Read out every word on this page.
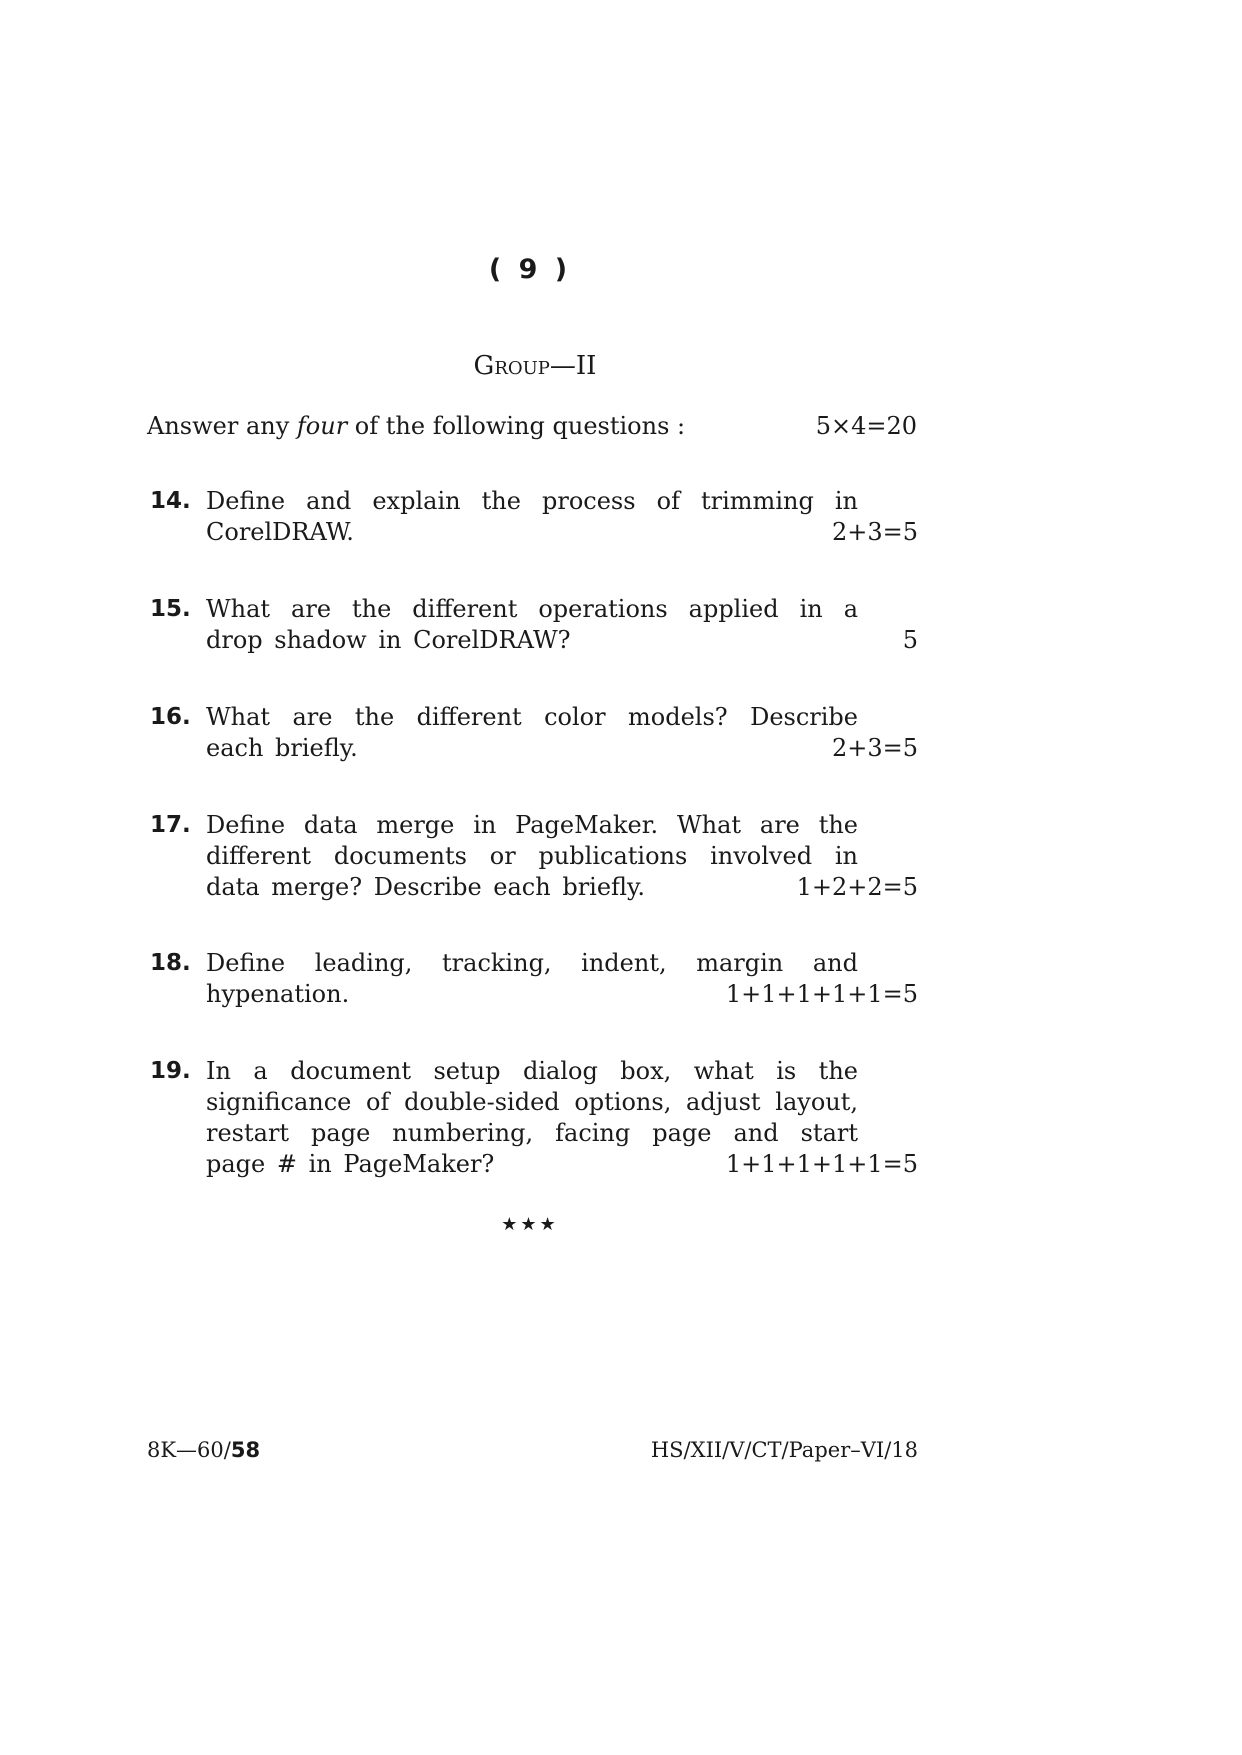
( 9 )
Group—II
Answer any four of the following questions :	5×4=20
14. Define and explain the process of trimming in CorelDRAW.	2+3=5
15. What are the different operations applied in a drop shadow in CorelDRAW?	5
16. What are the different color models? Describe each briefly.	2+3=5
17. Define data merge in PageMaker. What are the different documents or publications involved in data merge? Describe each briefly.	1+2+2=5
18. Define leading, tracking, indent, margin and hypenation.	1+1+1+1+1=5
19. In a document setup dialog box, what is the significance of double-sided options, adjust layout, restart page numbering, facing page and start page # in PageMaker?	1+1+1+1+1=5
★★★
8K—60/58	HS/XII/V/CT/Paper–VI/18
